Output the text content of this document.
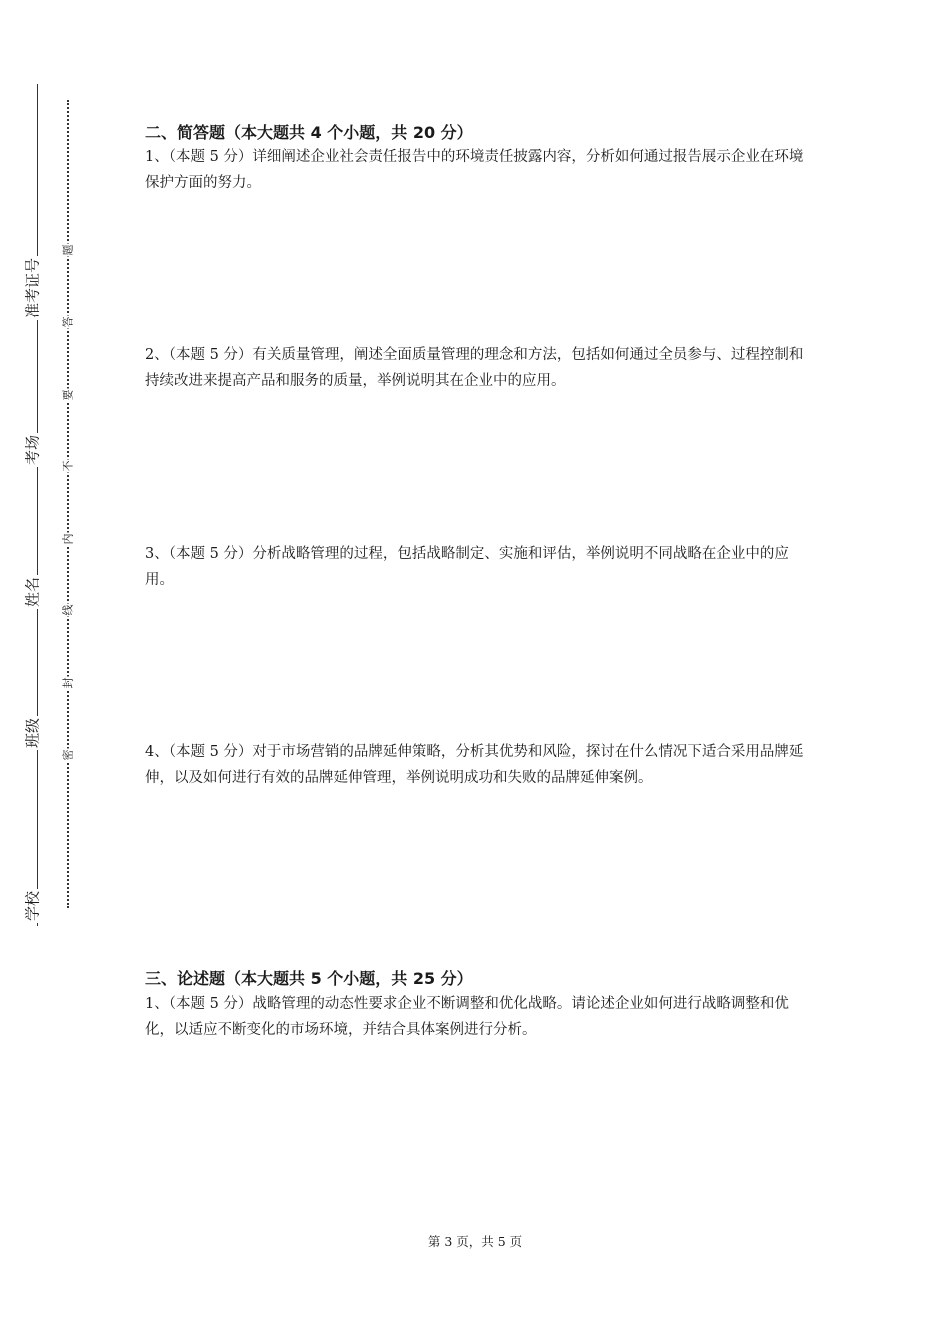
准考证号
考场
姓名
班级
学校
题
答
要
不
内
线
封
密
二、简答题（本大题共 4 个小题，共 20 分）
1、（本题 5 分）详细阐述企业社会责任报告中的环境责任披露内容，分析如何通过报告展示企业在环境保护方面的努力。
2、（本题 5 分）有关质量管理，阐述全面质量管理的理念和方法，包括如何通过全员参与、过程控制和持续改进来提高产品和服务的质量，举例说明其在企业中的应用。
3、（本题 5 分）分析战略管理的过程，包括战略制定、实施和评估，举例说明不同战略在企业中的应用。
4、（本题 5 分）对于市场营销的品牌延伸策略，分析其优势和风险，探讨在什么情况下适合采用品牌延伸，以及如何进行有效的品牌延伸管理，举例说明成功和失败的品牌延伸案例。
三、论述题（本大题共 5 个小题，共 25 分）
1、（本题 5 分）战略管理的动态性要求企业不断调整和优化战略。请论述企业如何进行战略调整和优化，以适应不断变化的市场环境，并结合具体案例进行分析。
第 3 页，共 5 页
